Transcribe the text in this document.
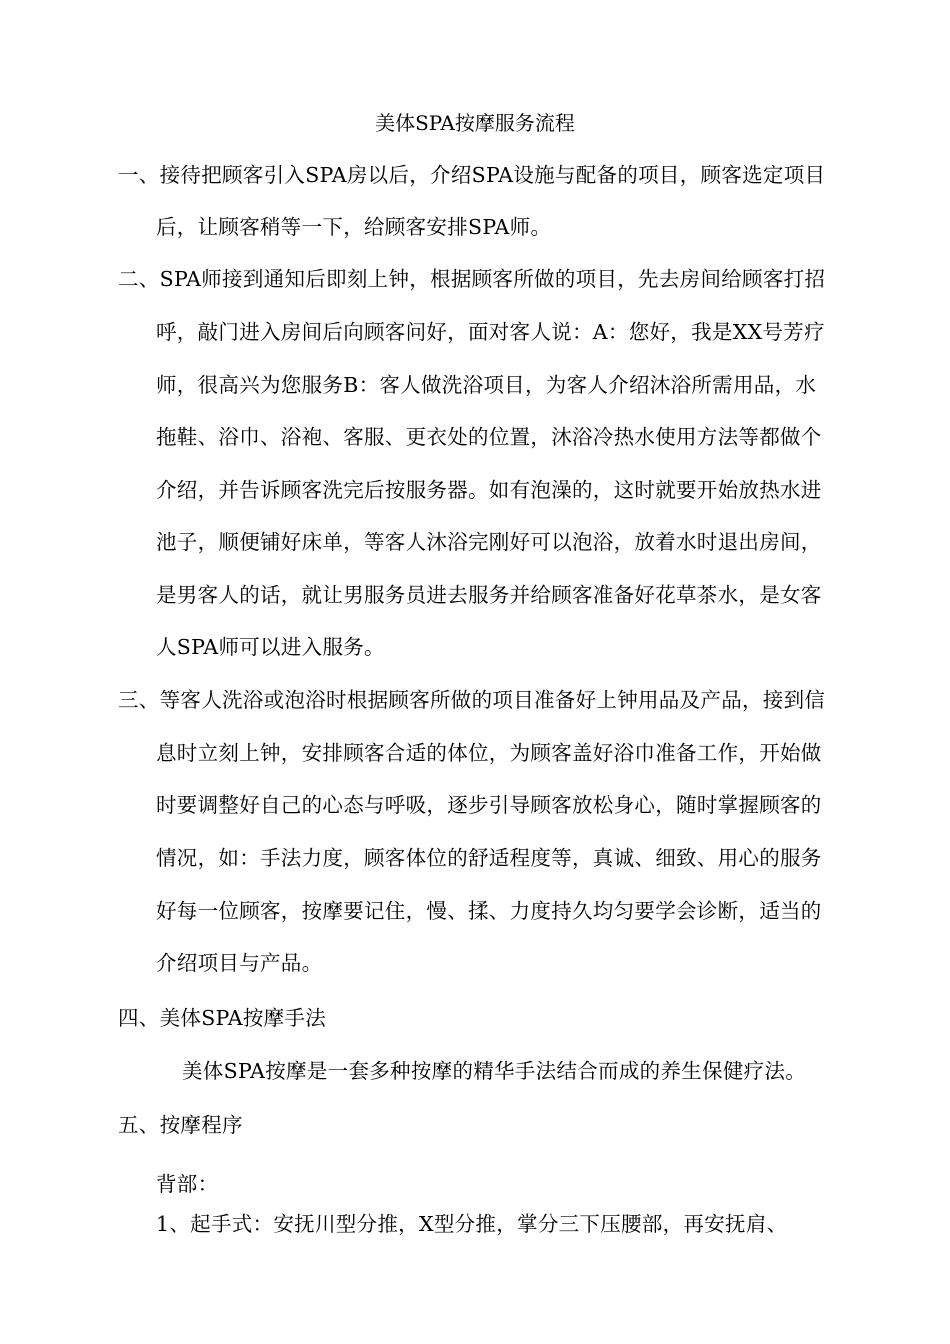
美体SPA按摩服务流程
一、接待把顾客引入SPA房以后，介绍SPA设施与配备的项目，顾客选定项目
后，让顾客稍等一下，给顾客安排SPA师。
二、SPA师接到通知后即刻上钟，根据顾客所做的项目，先去房间给顾客打招
呼，敲门进入房间后向顾客问好，面对客人说：A：您好，我是XX号芳疗
师，很高兴为您服务B：客人做洗浴项目，为客人介绍沐浴所需用品，水
拖鞋、浴巾、浴袍、客服、更衣处的位置，沐浴冷热水使用方法等都做个
介绍，并告诉顾客洗完后按服务器。如有泡澡的，这时就要开始放热水进
池子，顺便铺好床单，等客人沐浴完刚好可以泡浴，放着水时退出房间，
是男客人的话，就让男服务员进去服务并给顾客准备好花草茶水，是女客
人SPA师可以进入服务。
三、等客人洗浴或泡浴时根据顾客所做的项目准备好上钟用品及产品，接到信
息时立刻上钟，安排顾客合适的体位，为顾客盖好浴巾准备工作，开始做
时要调整好自己的心态与呼吸，逐步引导顾客放松身心，随时掌握顾客的
情况，如：手法力度，顾客体位的舒适程度等，真诚、细致、用心的服务
好每一位顾客，按摩要记住，慢、揉、力度持久均匀要学会诊断，适当的
介绍项目与产品。
四、美体SPA按摩手法
美体SPA按摩是一套多种按摩的精华手法结合而成的养生保健疗法。
五、按摩程序
背部：
1、起手式：安抚川型分推，X型分推，掌分三下压腰部，再安抚肩、
